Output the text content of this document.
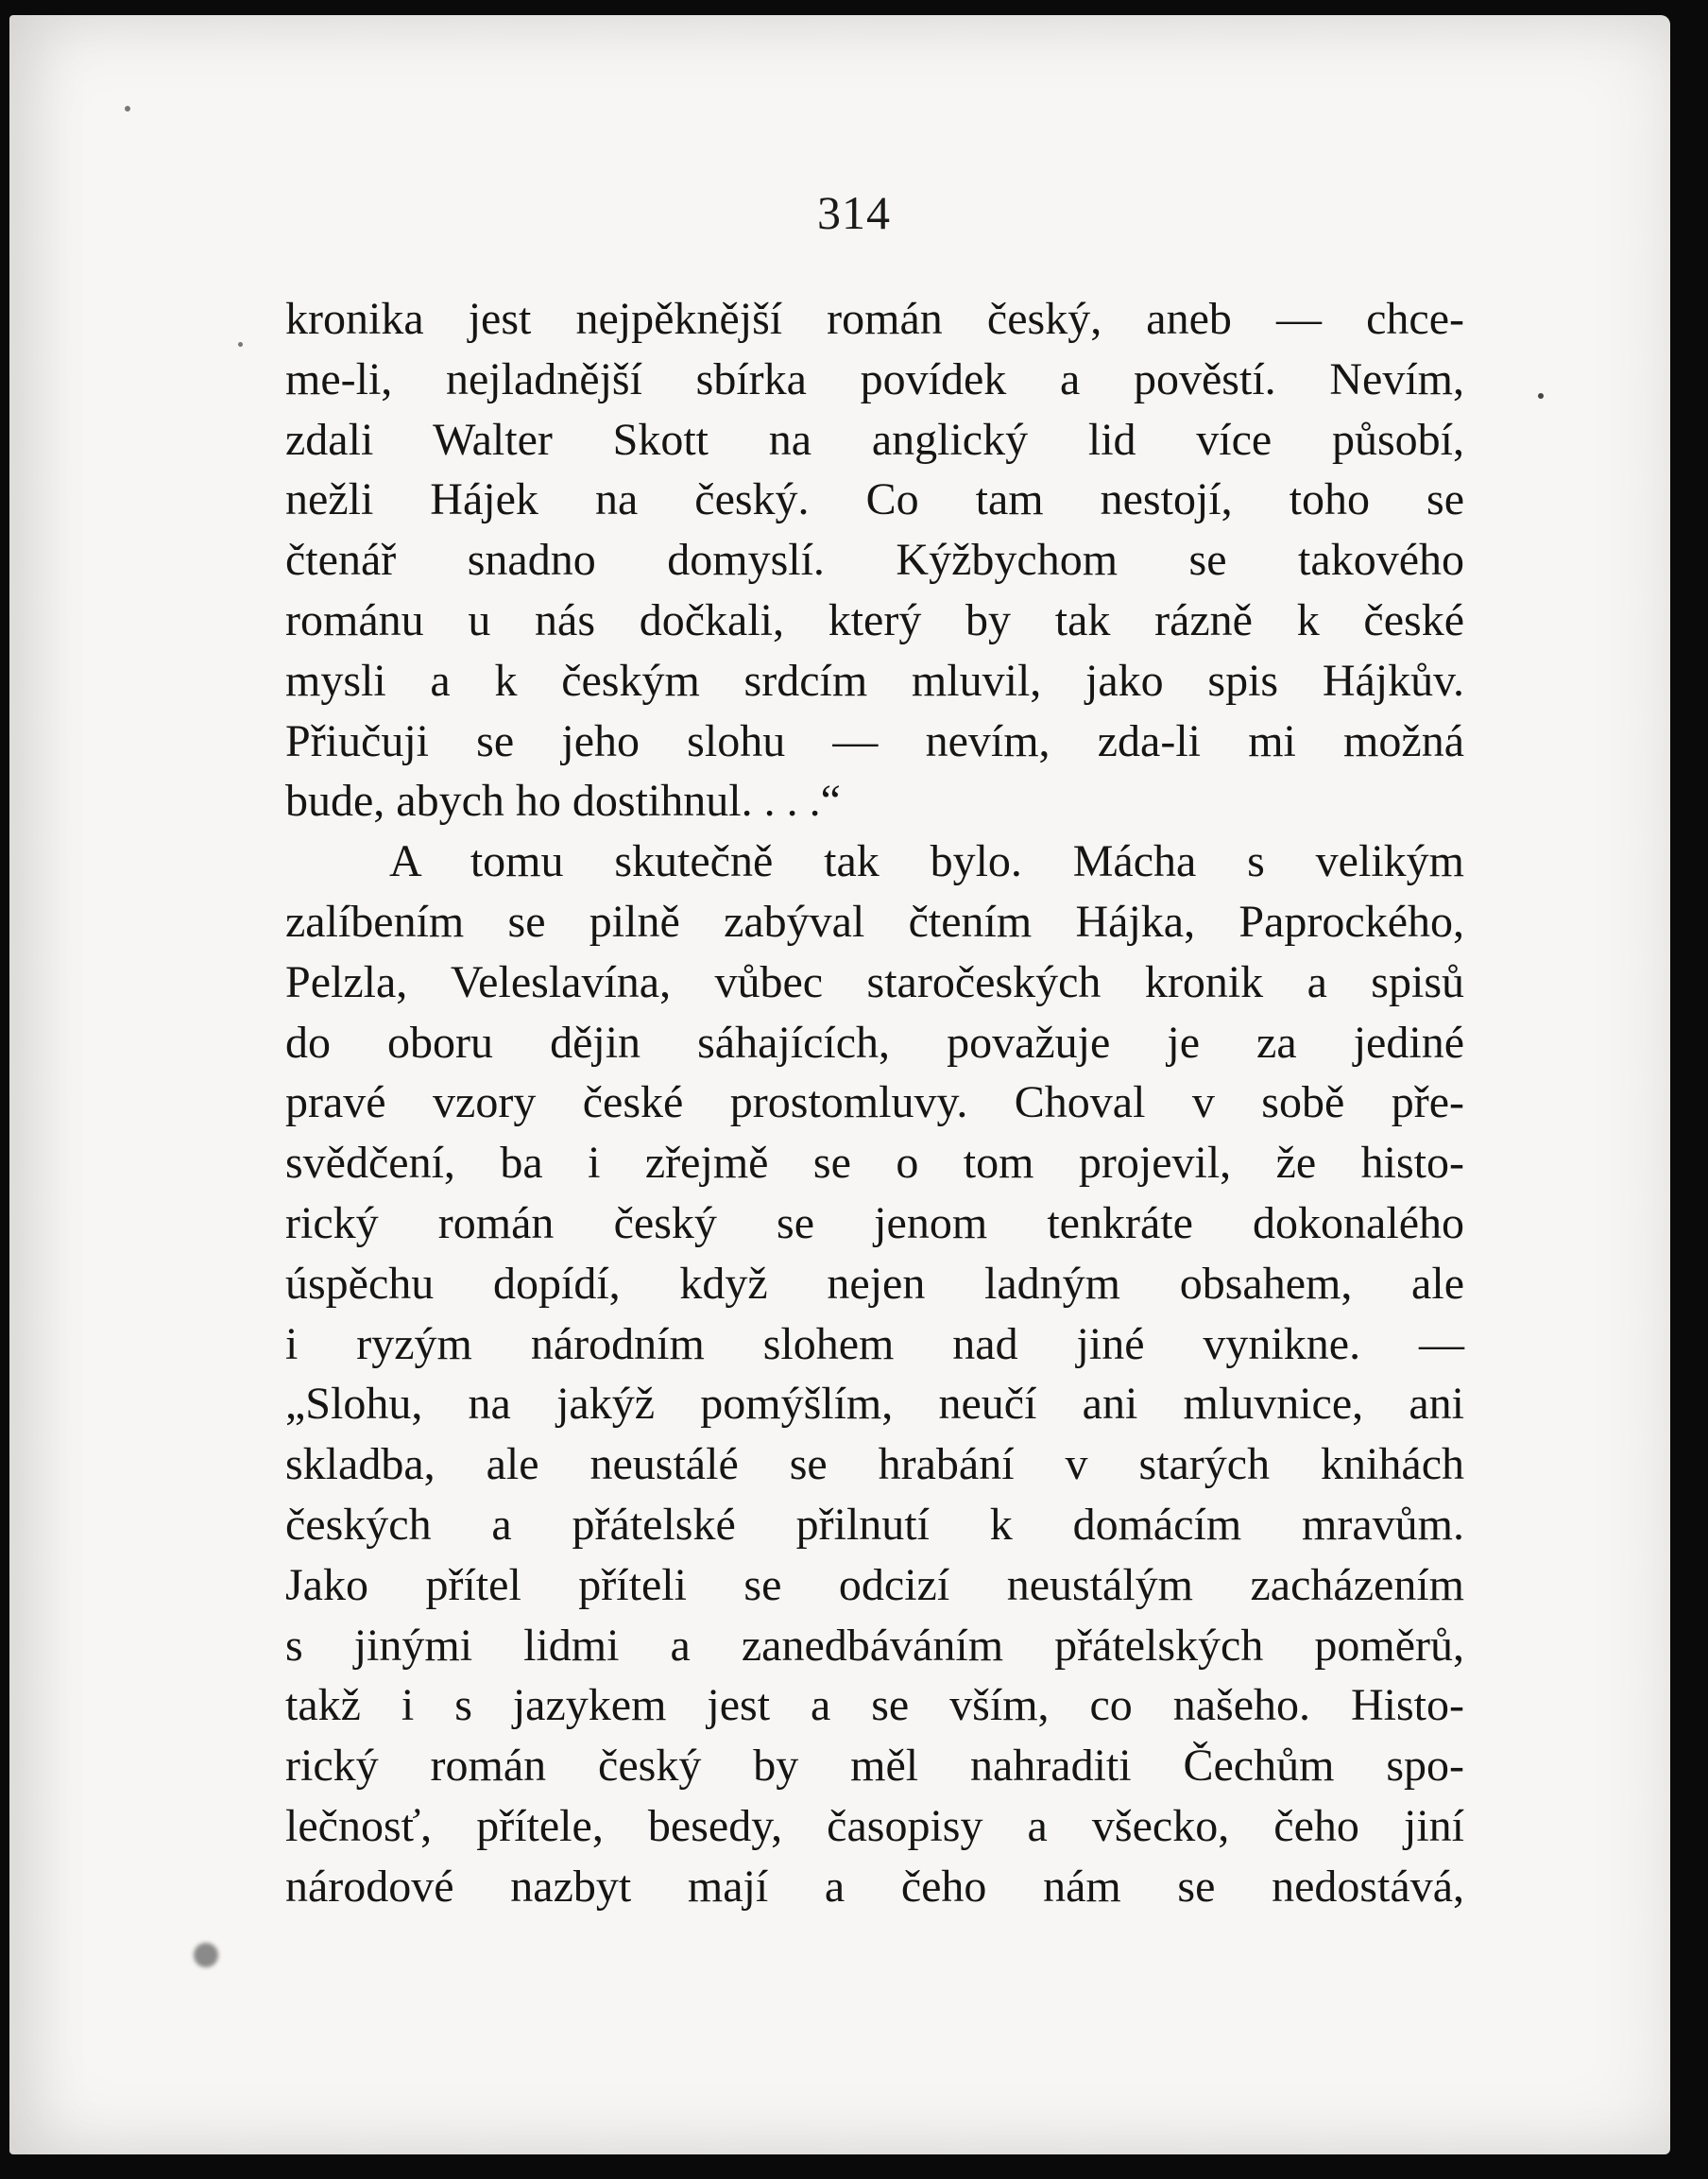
314
kronika jest nejpěknější román český, aneb — chce-
me-li, nejladnější sbírka povídek a pověstí. Nevím,
zdali Walter Skott na anglický lid více působí,
nežli Hájek na český. Co tam nestojí, toho se
čtenář snadno domyslí. Kýžbychom se takového
románu u nás dočkali, který by tak rázně k české
mysli a k českým srdcím mluvil, jako spis Hájkův.
Přiučuji se jeho slohu — nevím, zda-li mi možná
bude, abych ho dostihnul. . . .“
A tomu skutečně tak bylo. Mácha s velikým
zalíbením se pilně zabýval čtením Hájka, Paprockého,
Pelzla, Veleslavína, vůbec staročeských kronik a spisů
do oboru dějin sáhajících, považuje je za jediné
pravé vzory české prostomluvy. Choval v sobě pře-
svědčení, ba i zřejmě se o tom projevil, že histo-
rický román český se jenom tenkráte dokonalého
úspěchu dopídí, když nejen ladným obsahem, ale
i ryzým národním slohem nad jiné vynikne. —
„Slohu, na jakýž pomýšlím, neučí ani mluvnice, ani
skladba, ale neustálé se hrabání v starých knihách
českých a přátelské přilnutí k domácím mravům.
Jako přítel příteli se odcizí neustálým zacházením
s jinými lidmi a zanedbáváním přátelských poměrů,
takž i s jazykem jest a se vším, co našeho. Histo-
rický román český by měl nahraditi Čechům spo-
lečnosť, přítele, besedy, časopisy a všecko, čeho jiní
národové nazbyt mají a čeho nám se nedostává,
